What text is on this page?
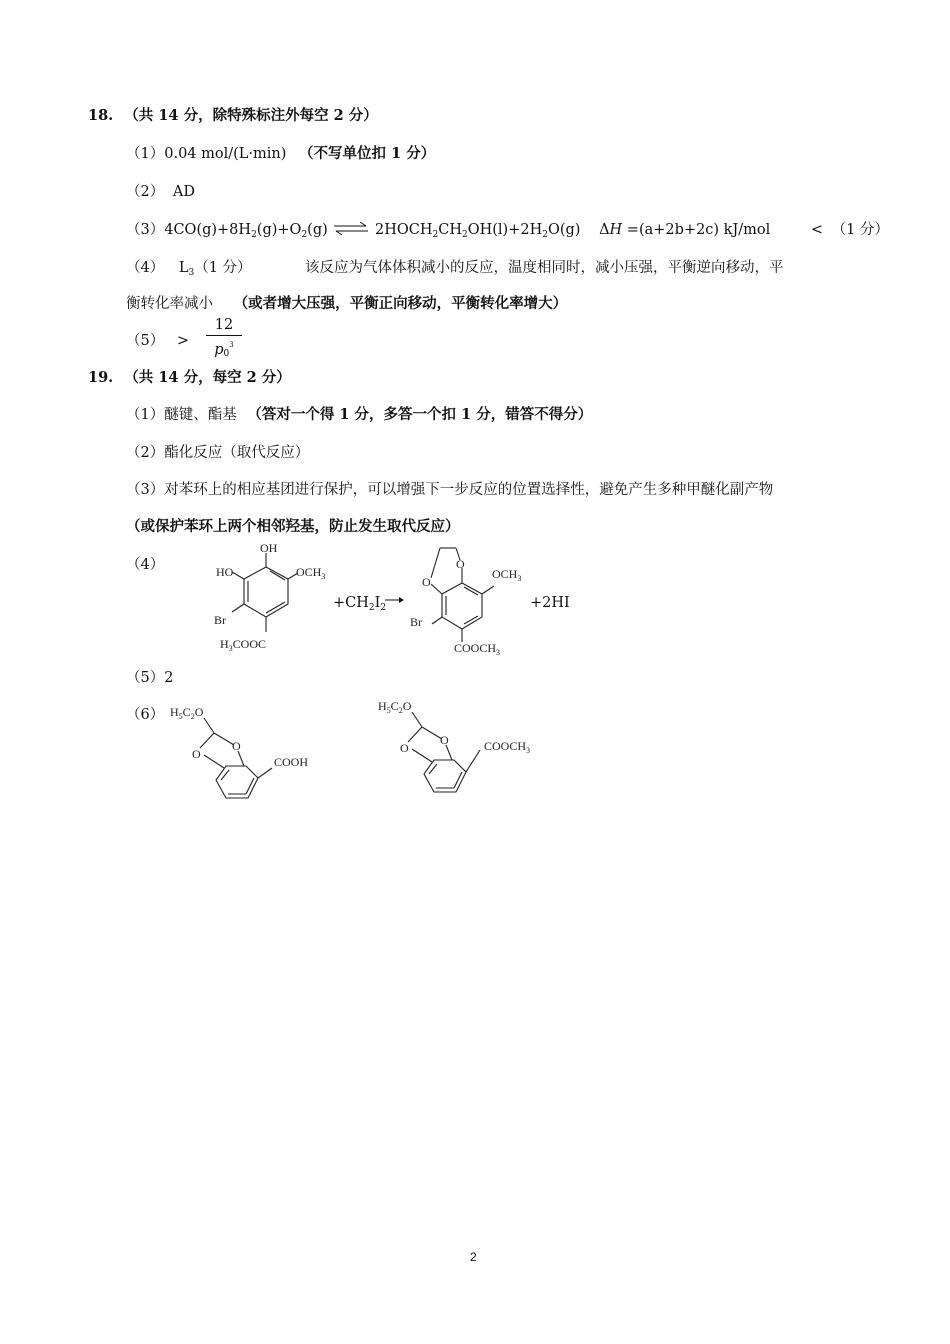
18. （共 14 分，除特殊标注外每空 2 分）
（1）0.04 mol/(L·min) （不写单位扣 1 分）
（2） AD
$(3)4CO(g)+8H_2(g)+O_2(g)$ ⇌ $2HOCH_2CH_2OH(l)+2H_2O(g)$ ΔH =(a+2b+2c) kJ/mol	< （1 分）
（4） $L_3(1$ 分）	该反应为气体体积减小的反应，温度相同时，减小压强，平衡逆向移动，平
衡转化率减小 （或者增大压强，平衡正向移动，平衡转化率增大）
$(5) > \frac{12}{p0^3}$
19. （共 14 分，每空 2 分）
（1）醚键、酯基 （答对一个得 1 分，多答一个扣 1 分，错答不得分）
（2）酯化反应（取代反应）
（3）对苯环上的相应基团进行保护，可以增强下一步反应的位置选择性，避免产生多种甲醚化副产物
（或保护苯环上两个相邻羟基，防止发生取代反应）
（4）
OH
HO	$OCH_3$
Br
$H_3COOC$
$+CH_2I_2$
O
O
$OCH_3$
Br
$COOCH_3$
+2HI
（5）2
（6） $H_5C_2O$
O
O
COOH
$H_5C_2O$
O
O	$COOCH_3$
2
